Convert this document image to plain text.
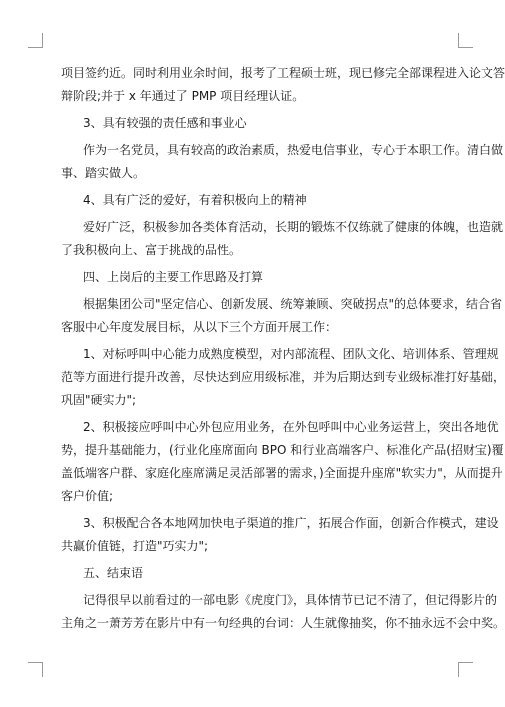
项目签约近。同时利用业余时间，报考了工程硕士班，现已修完全部课程进入论文答
辩阶段;并于 x 年通过了 PMP 项目经理认证。
3、具有较强的责任感和事业心
作为一名党员，具有较高的政治素质，热爱电信事业，专心于本职工作。清白做
事、踏实做人。
4、具有广泛的爱好，有着积极向上的精神
爱好广泛，积极参加各类体育活动，长期的锻炼不仅练就了健康的体魄，也造就
了我积极向上、富于挑战的品性。
四、上岗后的主要工作思路及打算
根据集团公司"坚定信心、创新发展、统筹兼顾、突破拐点"的总体要求，结合省
客服中心年度发展目标，从以下三个方面开展工作：
1、对标呼叫中心能力成熟度模型，对内部流程、团队文化、培训体系、管理规
范等方面进行提升改善，尽快达到应用级标准，并为后期达到专业级标准打好基础，
巩固"硬实力";
2、积极接应呼叫中心外包应用业务，在外包呼叫中心业务运营上，突出各地优
势，提升基础能力，(行业化座席面向 BPO 和行业高端客户、标准化产品(招财宝)覆
盖低端客户群、家庭化座席满足灵活部署的需求，)全面提升座席"软实力"，从而提升
客户价值;
3、积极配合各本地网加快电子渠道的推广，拓展合作面，创新合作模式，建设
共赢价值链，打造"巧实力";
五、结束语
记得很早以前看过的一部电影《虎度门》，具体情节已记不清了，但记得影片的
主角之一萧芳芳在影片中有一句经典的台词：人生就像抽奖，你不抽永远不会中奖。
